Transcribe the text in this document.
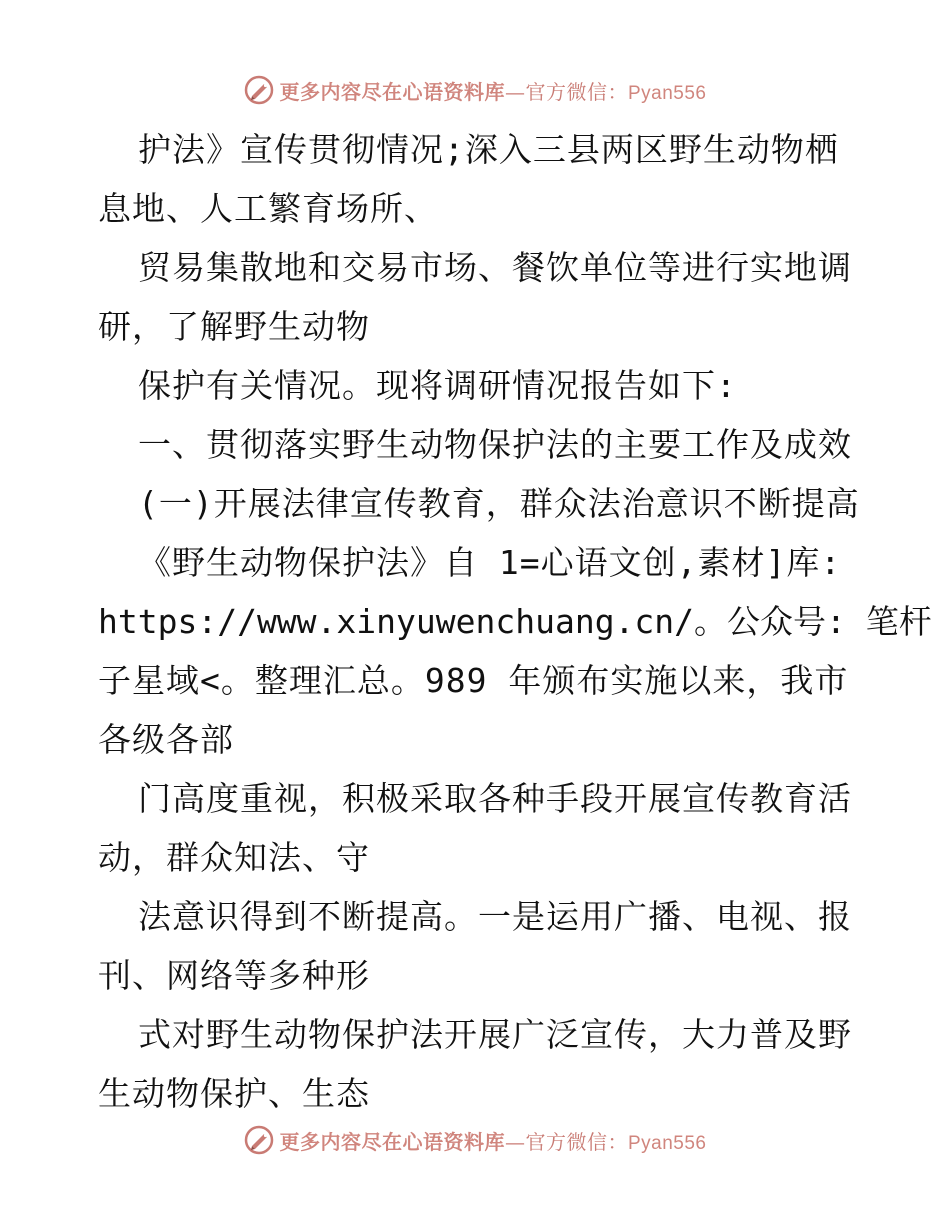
更多内容尽在心语资料库—官方微信：Pyan556
护法》宣传贯彻情况;深入三县两区野生动物栖
息地、人工繁育场所、
贸易集散地和交易市场、餐饮单位等进行实地调
研，了解野生动物
保护有关情况。现将调研情况报告如下:
一、贯彻落实野生动物保护法的主要工作及成效
(一)开展法律宣传教育，群众法治意识不断提高
《野生动物保护法》自 1=心语文创,素材]库:
https://www.xinyuwenchuang.cn/。公众号: 笔杆
子星域<。整理汇总。989 年颁布实施以来，我市
各级各部
门高度重视，积极采取各种手段开展宣传教育活
动，群众知法、守
法意识得到不断提高。一是运用广播、电视、报
刊、网络等多种形
式对野生动物保护法开展广泛宣传，大力普及野
生动物保护、生态
更多内容尽在心语资料库—官方微信：Pyan556
